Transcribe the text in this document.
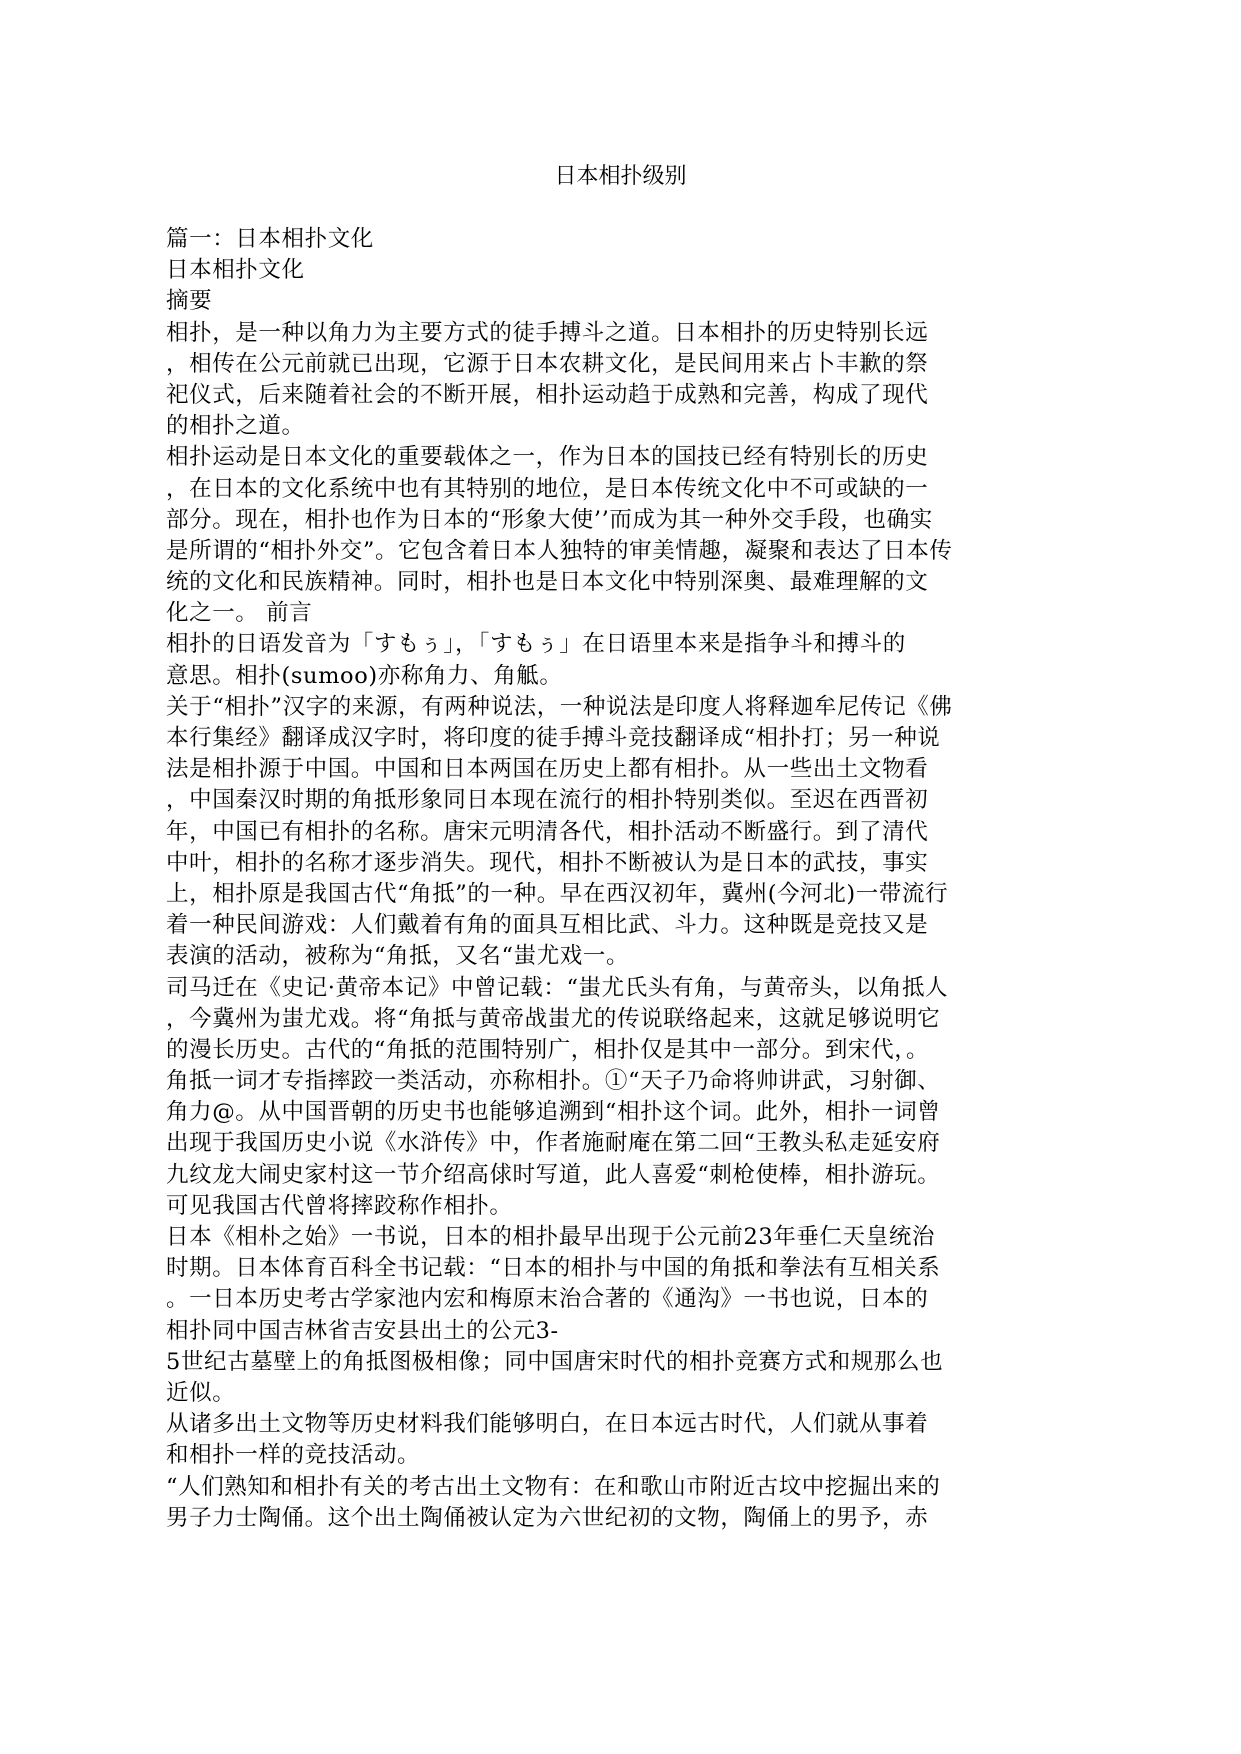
日本相扑级别
篇一：日本相扑文化
日本相扑文化
摘要
相扑，是一种以角力为主要方式的徒手搏斗之道。日本相扑的历史特别长远
，相传在公元前就已出现，它源于日本农耕文化，是民间用来占卜丰歉的祭
祀仪式，后来随着社会的不断开展，相扑运动趋于成熟和完善，构成了现代
的相扑之道。
相扑运动是日本文化的重要载体之一，作为日本的国技已经有特别长的历史
，在日本的文化系统中也有其特别的地位，是日本传统文化中不可或缺的一
部分。现在，相扑也作为日本的“形象大使’’而成为其一种外交手段，也确实
是所谓的“相扑外交”。它包含着日本人独特的审美情趣，凝聚和表达了日本传
统的文化和民族精神。同时，相扑也是日本文化中特别深奥、最难理解的文
化之一。 前言
相扑的日语发音为「すもぅ」，「すもぅ」在日语里本来是指争斗和搏斗的
意思。相扑(sumoo)亦称角力、角觝。
关于“相扑”汉字的来源，有两种说法，一种说法是印度人将释迦牟尼传记《佛
本行集经》翻译成汉字时，将印度的徒手搏斗竞技翻译成“相扑打；另一种说
法是相扑源于中国。中国和日本两国在历史上都有相扑。从一些出土文物看
，中国秦汉时期的角抵形象同日本现在流行的相扑特别类似。至迟在西晋初
年，中国已有相扑的名称。唐宋元明清各代，相扑活动不断盛行。到了清代
中叶，相扑的名称才逐步消失。现代，相扑不断被认为是日本的武技，事实
上，相扑原是我国古代“角抵”的一种。早在西汉初年，冀州(今河北)一带流行
着一种民间游戏：人们戴着有角的面具互相比武、斗力。这种既是竞技又是
表演的活动，被称为“角抵，又名“蚩尤戏一。
司马迁在《史记·黄帝本记》中曾记载：“蚩尤氏头有角，与黄帝头，以角抵人
，今冀州为蚩尤戏。将“角抵与黄帝战蚩尤的传说联络起来，这就足够说明它
的漫长历史。古代的“角抵的范围特别广，相扑仅是其中一部分。到宋代，。
角抵一词才专指摔跤一类活动，亦称相扑。①“天子乃命将帅讲武，习射御、
角力@。从中国晋朝的历史书也能够追溯到“相扑这个词。此外，相扑一词曾
出现于我国历史小说《水浒传》中，作者施耐庵在第二回“王教头私走延安府
九纹龙大闹史家村这一节介绍高俅时写道，此人喜爱“刺枪使棒，相扑游玩。
可见我国古代曾将摔跤称作相扑。
日本《相朴之始》一书说，日本的相扑最早出现于公元前23年垂仁天皇统治
时期。日本体育百科全书记载：“日本的相扑与中国的角抵和拳法有互相关系
。一日本历史考古学家池内宏和梅原末治合著的《通沟》一书也说，日本的
相扑同中国吉林省吉安县出土的公元3-
5世纪古墓壁上的角抵图极相像；同中国唐宋时代的相扑竞赛方式和规那么也
近似。
从诸多出土文物等历史材料我们能够明白，在日本远古时代，人们就从事着
和相扑一样的竞技活动。
“人们熟知和相扑有关的考古出土文物有：在和歌山市附近古坟中挖掘出来的
男子力士陶俑。这个出土陶俑被认定为六世纪初的文物，陶俑上的男予，赤
